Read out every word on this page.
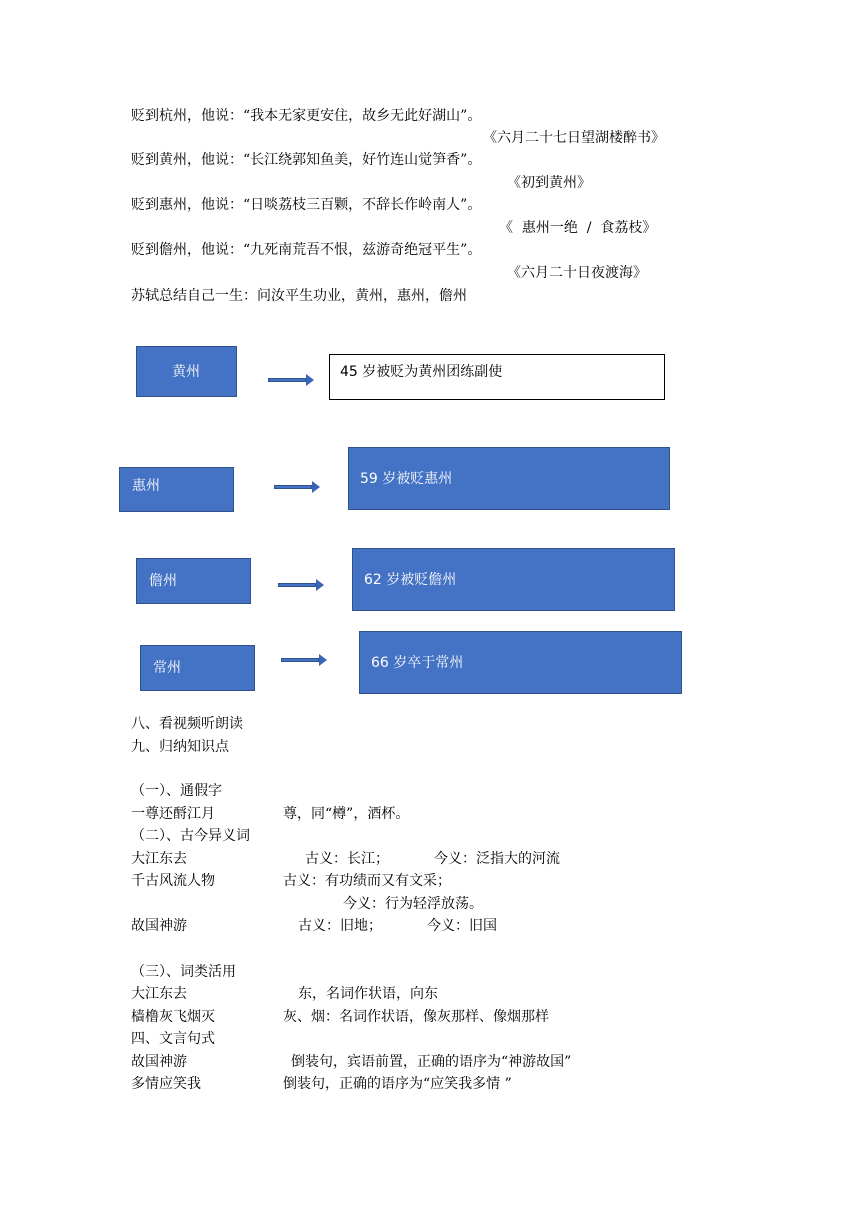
贬到杭州，他说：“我本无家更安住，故乡无此好湖山”。
《六月二十七日望湖楼醉书》
贬到黄州，他说：“长江绕郭知鱼美，好竹连山觉笋香”。
《初到黄州》
贬到惠州，他说：“日啖荔枝三百颗，不辞长作岭南人”。
《  惠州一绝  /  食荔枝》
贬到儋州，他说：“九死南荒吾不恨，兹游奇绝冠平生”。
《六月二十日夜渡海》
苏轼总结自己一生：问汝平生功业，黄州，惠州，儋州
黄州	45 岁被贬为黄州团练副使
惠州	59 岁被贬惠州
儋州	62 岁被贬儋州
常州	66 岁卒于常州
八、看视频听朗读
九、归纳知识点
（一）、通假字
一尊还酹江月	尊，同“樽”，酒杯。
（二）、古今异义词
大江东去	古义：长江；	今义：泛指大的河流
千古风流人物	古义：有功绩而又有文采；
今义：行为轻浮放荡。
故国神游	古义：旧地；	今义：旧国
（三）、词类活用
大江东去	东，名词作状语，向东
樯橹灰飞烟灭	灰、烟：名词作状语，像灰那样、像烟那样
四、文言句式
故国神游	倒装句，宾语前置，正确的语序为“神游故国”
多情应笑我	倒装句，正确的语序为“应笑我多情 ”
